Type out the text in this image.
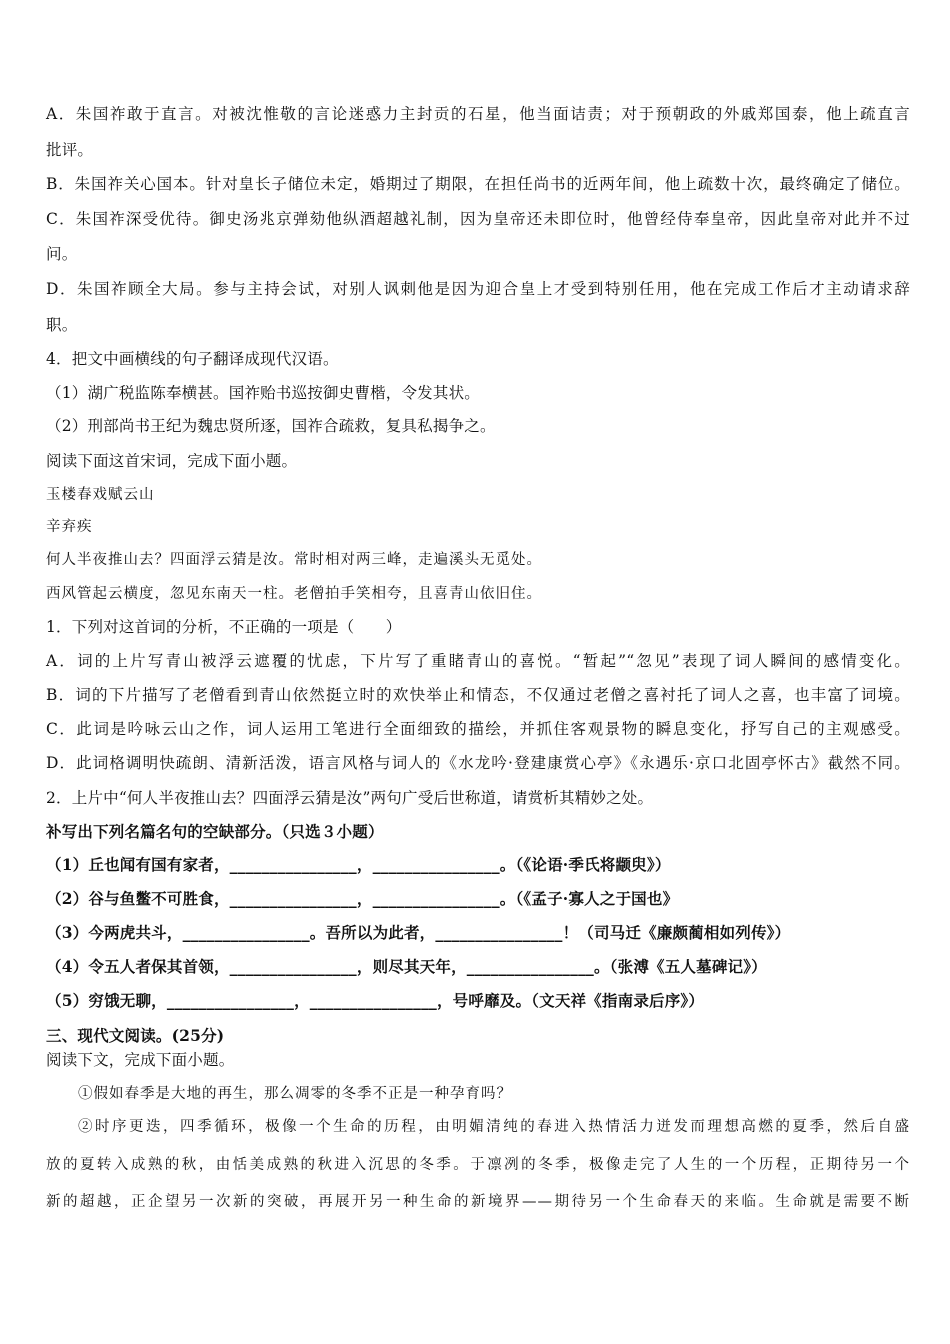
A．朱国祚敢于直言。对被沈惟敬的言论迷惑力主封贡的石星，他当面诘责；对于预朝政的外戚郑国泰，他上疏直言
批评。
B．朱国祚关心国本。针对皇长子储位未定，婚期过了期限，在担任尚书的近两年间，他上疏数十次，最终确定了储位。
C．朱国祚深受优待。御史汤兆京弹劾他纵酒超越礼制，因为皇帝还未即位时，他曾经侍奉皇帝，因此皇帝对此并不过
问。
D．朱国祚顾全大局。参与主持会试，对别人讽刺他是因为迎合皇上才受到特别任用，他在完成工作后才主动请求辞
职。
4．把文中画横线的句子翻译成现代汉语。
（1）湖广税监陈奉横甚。国祚贻书巡按御史曹楷，令发其状。
（2）刑部尚书王纪为魏忠贤所逐，国祚合疏救，复具私揭争之。
阅读下面这首宋词，完成下面小题。
玉楼春戏赋云山
辛弃疾
何人半夜推山去？四面浮云猜是汝。常时相对两三峰，走遍溪头无觅处。
西风管起云横度，忽见东南天一柱。老僧拍手笑相夸，且喜青山依旧住。
1．下列对这首词的分析，不正确的一项是（　　）
A．词的上片写青山被浮云遮覆的忧虑，下片写了重睹青山的喜悦。“暂起”“忽见”表现了词人瞬间的感情变化。
B．词的下片描写了老僧看到青山依然挺立时的欢快举止和情态，不仅通过老僧之喜衬托了词人之喜，也丰富了词境。
C．此词是吟咏云山之作，词人运用工笔进行全面细致的描绘，并抓住客观景物的瞬息变化，抒写自己的主观感受。
D．此词格调明快疏朗、清新活泼，语言风格与词人的《水龙吟·登建康赏心亭》《永遇乐·京口北固亭怀古》截然不同。
2．上片中“何人半夜推山去？四面浮云猜是汝”两句广受后世称道，请赏析其精妙之处。
补写出下列名篇名句的空缺部分。（只选３小题）
（1）丘也闻有国有家者，________________，________________。（《论语·季氏将颛臾》）
（2）谷与鱼鳖不可胜食，________________，________________。（《孟子·寡人之于国也》
（3）今两虎共斗，________________。吾所以为此者，________________！（司马迁《廉颇蔺相如列传》）
（4）令五人者保其首领，________________，则尽其天年，________________。（张溥《五人墓碑记》）
（5）穷饿无聊，________________，________________，号呼靡及。（文天祥《指南录后序》）
三、现代文阅读。(25分)
阅读下文，完成下面小题。
①假如春季是大地的再生，那么凋零的冬季不正是一种孕育吗？
②时序更迭，四季循环，极像一个生命的历程，由明媚清纯的春进入热情活力迸发而理想高燃的夏季，然后自盛
放的夏转入成熟的秋，由恬美成熟的秋进入沉思的冬季。于凛冽的冬季，极像走完了人生的一个历程，正期待另一个
新的超越，正企望另一次新的突破，再展开另一种生命的新境界——期待另一个生命春天的来临。生命就是需要不断
